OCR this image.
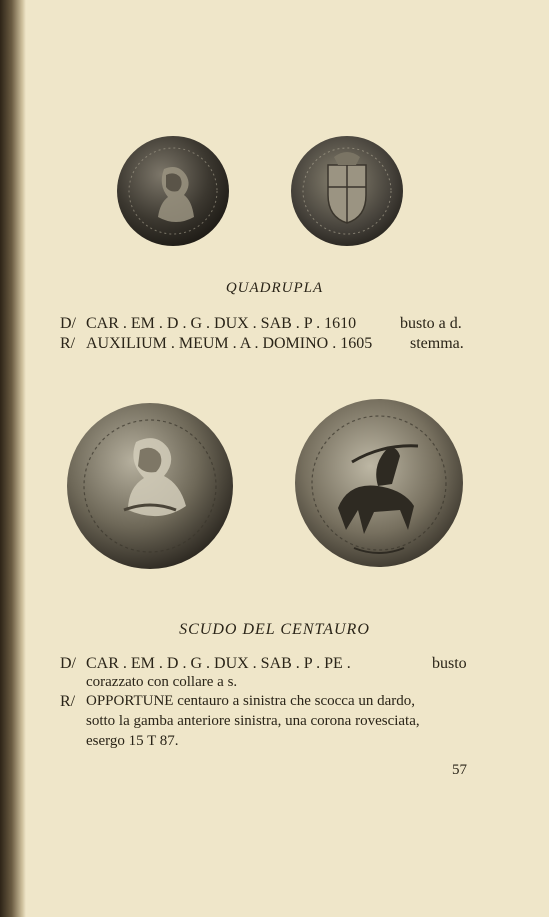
QUADRUPLA
D/ CAR . EM . D . G . DUX . SAB . P . 1610	busto a d.
R/ AUXILIUM . MEUM . A . DOMINO . 1605 stemma.
SCUDO DEL CENTAURO
D/ CAR . EM . D . G . DUX . SAB . P . PE .	busto
corazzato con collare a s.
R/ OPPORTUNE centauro a sinistra che scocca un dardo,
sotto la gamba anteriore sinistra, una corona rovesciata,
esergo 15 T 87.
57
